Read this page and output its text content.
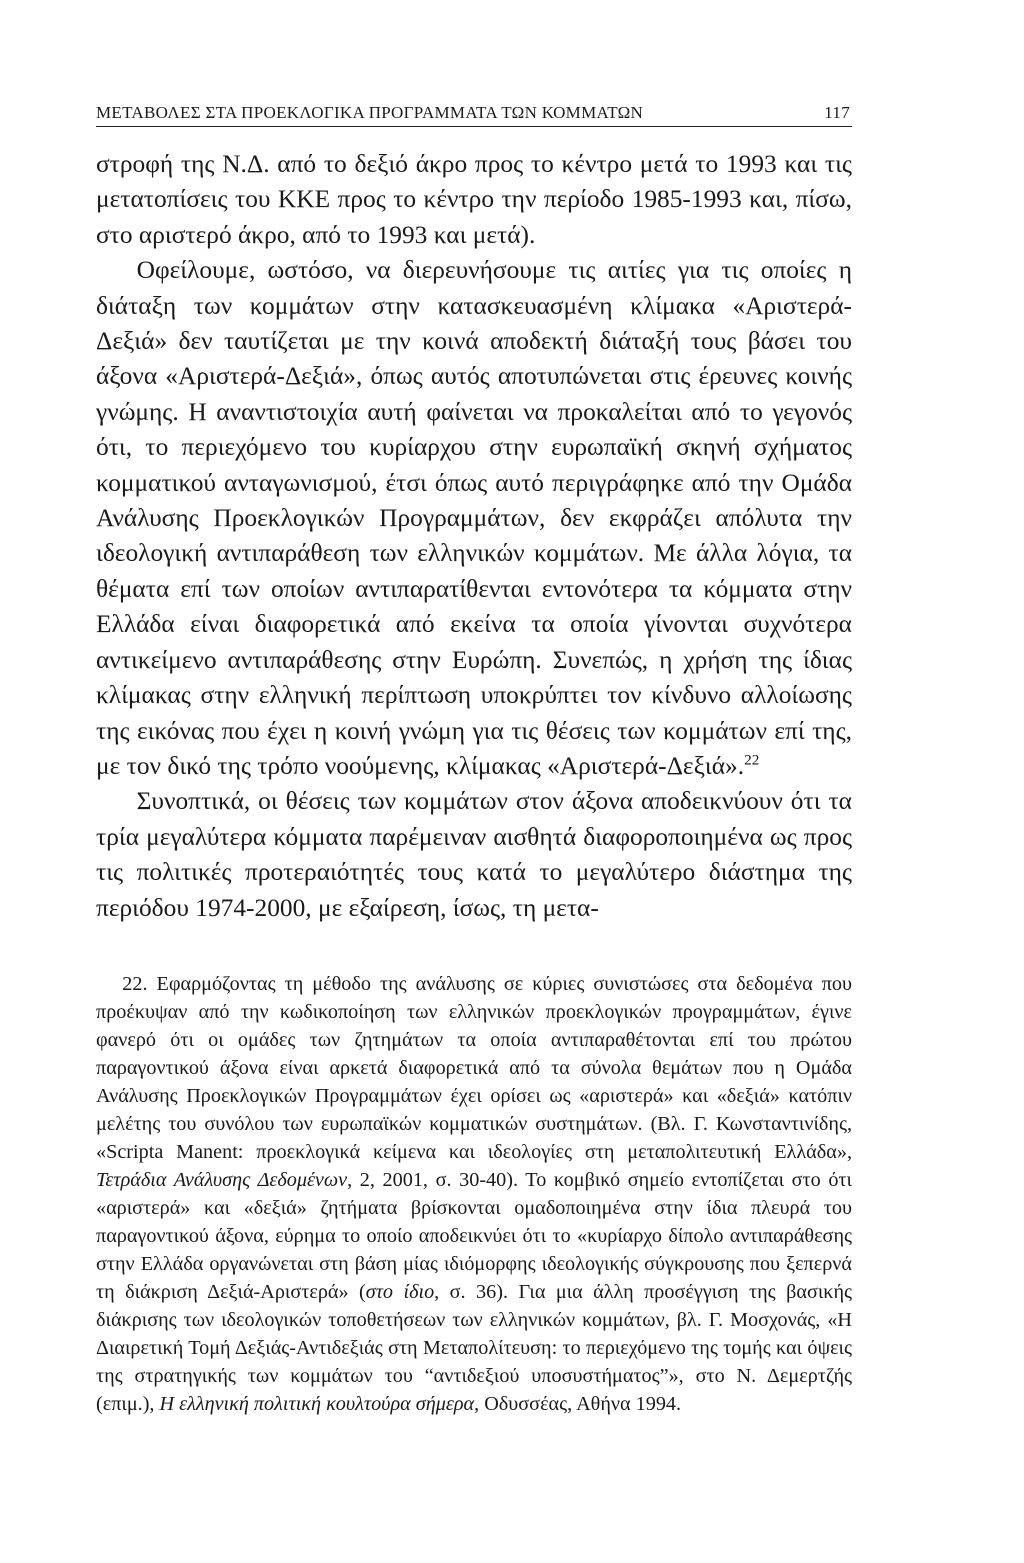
ΜΕΤΑΒΟΛΕΣ ΣΤΑ ΠΡΟΕΚΛΟΓΙΚΑ ΠΡΟΓΡΑΜΜΑΤΑ ΤΩΝ ΚΟΜΜΑΤΩΝ	117

στροφή της Ν.Δ. από το δεξιό άκρο προς το κέντρο μετά το 1993 και τις μετατοπίσεις του ΚΚΕ προς το κέντρο την περίοδο 1985-1993 και, πίσω, στο αριστερό άκρο, από το 1993 και μετά).

Οφείλουμε, ωστόσο, να διερευνήσουμε τις αιτίες για τις οποίες η διάταξη των κομμάτων στην κατασκευασμένη κλίμακα «Αριστερά-Δεξιά» δεν ταυτίζεται με την κοινά αποδεκτή διάταξή τους βάσει του άξονα «Αριστερά-Δεξιά», όπως αυτός αποτυπώνεται στις έρευνες κοινής γνώμης. Η αναντιστοιχία αυτή φαίνεται να προκαλείται από το γεγονός ότι, το περιεχόμενο του κυρίαρχου στην ευρωπαϊκή σκηνή σχήματος κομματικού ανταγωνισμού, έτσι όπως αυτό περιγράφηκε από την Ομάδα Ανάλυσης Προεκλογικών Προγραμμάτων, δεν εκφράζει απόλυτα την ιδεολογική αντιπαράθεση των ελληνικών κομμάτων. Με άλλα λόγια, τα θέματα επί των οποίων αντιπαρατίθενται εντονότερα τα κόμματα στην Ελλάδα είναι διαφορετικά από εκείνα τα οποία γίνονται συχνότερα αντικείμενο αντιπαράθεσης στην Ευρώπη. Συνεπώς, η χρήση της ίδιας κλίμακας στην ελληνική περίπτωση υποκρύπτει τον κίνδυνο αλλοίωσης της εικόνας που έχει η κοινή γνώμη για τις θέσεις των κομμάτων επί της, με τον δικό της τρόπο νοούμενης, κλίμακας «Αριστερά-Δεξιά».$^{22}$

Συνοπτικά, οι θέσεις των κομμάτων στον άξονα αποδεικνύουν ότι τα τρία μεγαλύτερα κόμματα παρέμειναν αισθητά διαφοροποιημένα ως προς τις πολιτικές προτεραιότητές τους κατά το μεγαλύτερο διάστημα της περιόδου 1974-2000, με εξαίρεση, ίσως, τη μετα-

22. Εφαρμόζοντας τη μέθοδο της ανάλυσης σε κύριες συνιστώσες στα δεδομένα που προέκυψαν από την κωδικοποίηση των ελληνικών προεκλογικών προγραμμάτων, έγινε φανερό ότι οι ομάδες των ζητημάτων τα οποία αντιπαραθέτονται επί του πρώτου παραγοντικού άξονα είναι αρκετά διαφορετικά από τα σύνολα θεμάτων που η Ομάδα Ανάλυσης Προεκλογικών Προγραμμάτων έχει ορίσει ως «αριστερά» και «δεξιά» κατόπιν μελέτης του συνόλου των ευρωπαϊκών κομματικών συστημάτων. (Βλ. Γ. Κωνσταντινίδης, «Scripta Manent: προεκλογικά κείμενα και ιδεολογίες στη μεταπολιτευτική Ελλάδα», Τετράδια Ανάλυσης Δεδομένων, 2, 2001, σ. 30-40). Το κομβικό σημείο εντοπίζεται στο ότι «αριστερά» και «δεξιά» ζητήματα βρίσκονται ομαδοποιημένα στην ίδια πλευρά του παραγοντικού άξονα, εύρημα το οποίο αποδεικνύει ότι το «κυρίαρχο δίπολο αντιπαράθεσης στην Ελλάδα οργανώνεται στη βάση μίας ιδιόμορφης ιδεολογικής σύγκρουσης που ξεπερνά τη διάκριση Δεξιά-Αριστερά» (στο ίδιο, σ. 36). Για μια άλλη προσέγγιση της βασικής διάκρισης των ιδεολογικών τοποθετήσεων των ελληνικών κομμάτων, βλ. Γ. Μοσχονάς, «Η Διαιρετική Τομή Δεξιάς-Αντιδεξιάς στη Μεταπολίτευση: το περιεχόμενο της τομής και όψεις της στρατηγικής των κομμάτων του “αντιδεξιού υποσυστήματος”», στο Ν. Δεμερτζής (επιμ.), Η ελληνική πολιτική κουλτούρα σήμερα, Οδυσσέας, Αθήνα 1994.
